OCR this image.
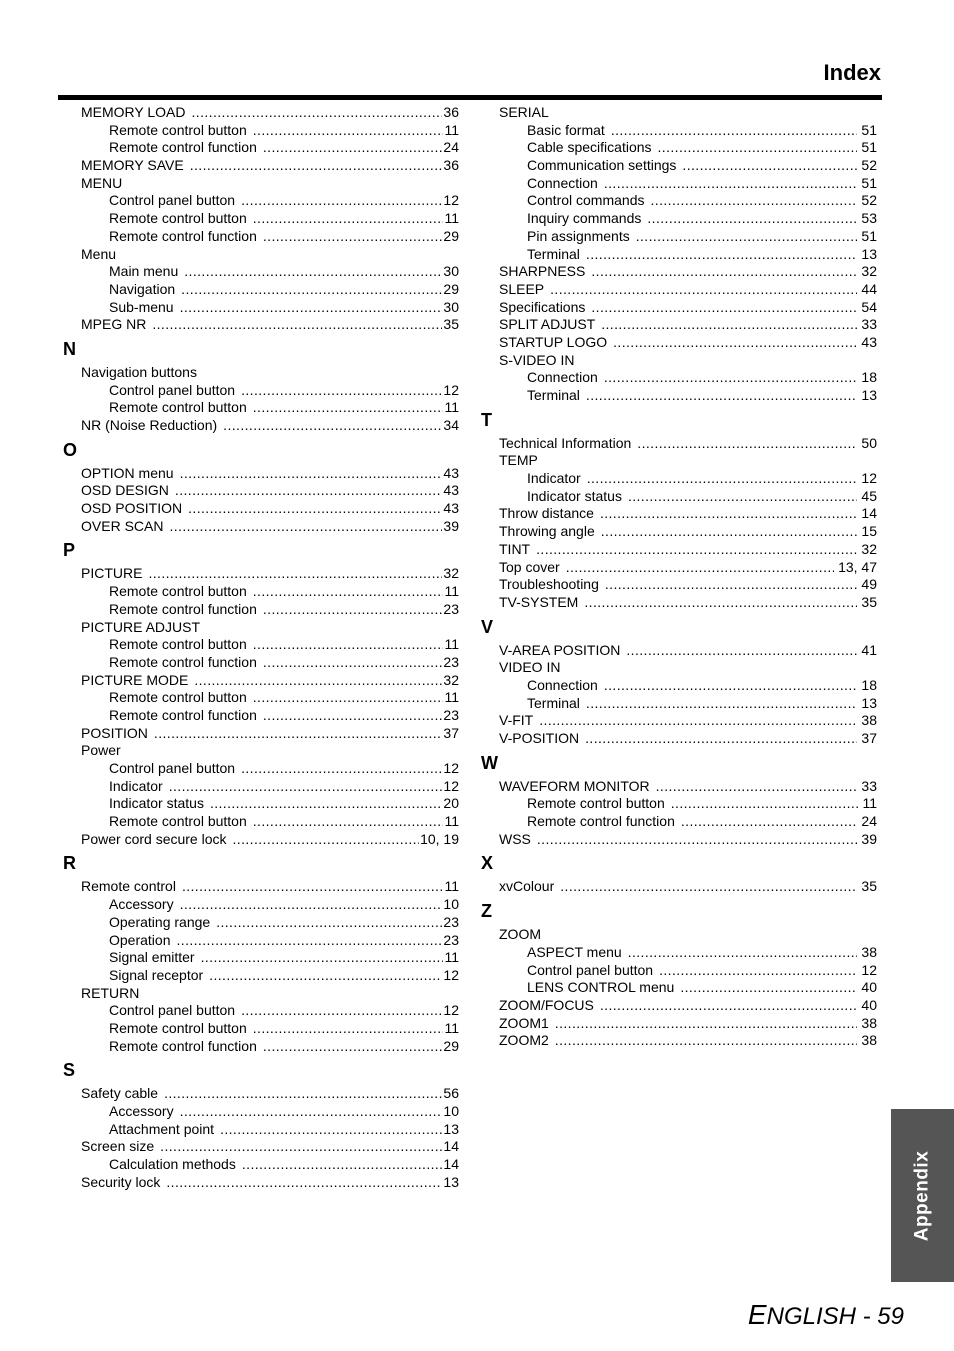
Index
MEMORY LOAD .....	36
Remote control button .....	11
Remote control function .....	24
MEMORY SAVE .....	36
MENU
Control panel button .....	12
Remote control button .....	11
Remote control function .....	29
Menu
Main menu .....	30
Navigation .....	29
Sub-menu .....	30
MPEG NR .....	35
N
Navigation buttons
Control panel button .....	12
Remote control button .....	11
NR (Noise Reduction) .....	34
O
OPTION menu .....	43
OSD DESIGN .....	43
OSD POSITION .....	43
OVER SCAN .....	39
P
PICTURE .....	32
Remote control button .....	11
Remote control function .....	23
PICTURE ADJUST
Remote control button .....	11
Remote control function .....	23
PICTURE MODE .....	32
Remote control button .....	11
Remote control function .....	23
POSITION .....	37
Power
Control panel button .....	12
Indicator .....	12
Indicator status .....	20
Remote control button .....	11
Power cord secure lock .....	10, 19
R
Remote control .....	11
Accessory .....	10
Operating range .....	23
Operation .....	23
Signal emitter .....	11
Signal receptor .....	12
RETURN
Control panel button .....	12
Remote control button .....	11
Remote control function .....	29
S
Safety cable .....	56
Accessory .....	10
Attachment point .....	13
Screen size .....	14
Calculation methods .....	14
Security lock .....	13
SERIAL
Basic format .....	51
Cable specifications .....	51
Communication settings .....	52
Connection .....	51
Control commands .....	52
Inquiry commands .....	53
Pin assignments .....	51
Terminal .....	13
SHARPNESS .....	32
SLEEP .....	44
Specifications .....	54
SPLIT ADJUST .....	33
STARTUP LOGO .....	43
S-VIDEO IN
Connection .....	18
Terminal .....	13
T
Technical Information .....	50
TEMP
Indicator .....	12
Indicator status .....	45
Throw distance .....	14
Throwing angle .....	15
TINT .....	32
Top cover .....	13, 47
Troubleshooting .....	49
TV-SYSTEM .....	35
V
V-AREA POSITION .....	41
VIDEO IN
Connection .....	18
Terminal .....	13
V-FIT .....	38
V-POSITION .....	37
W
WAVEFORM MONITOR .....	33
Remote control button .....	11
Remote control function .....	24
WSS .....	39
X
xvColour .....	35
Z
ZOOM
ASPECT menu .....	38
Control panel button .....	12
LENS CONTROL menu .....	40
ZOOM/FOCUS .....	40
ZOOM1 .....	38
ZOOM2 .....	38
Appendix
ENGLISH - 59
